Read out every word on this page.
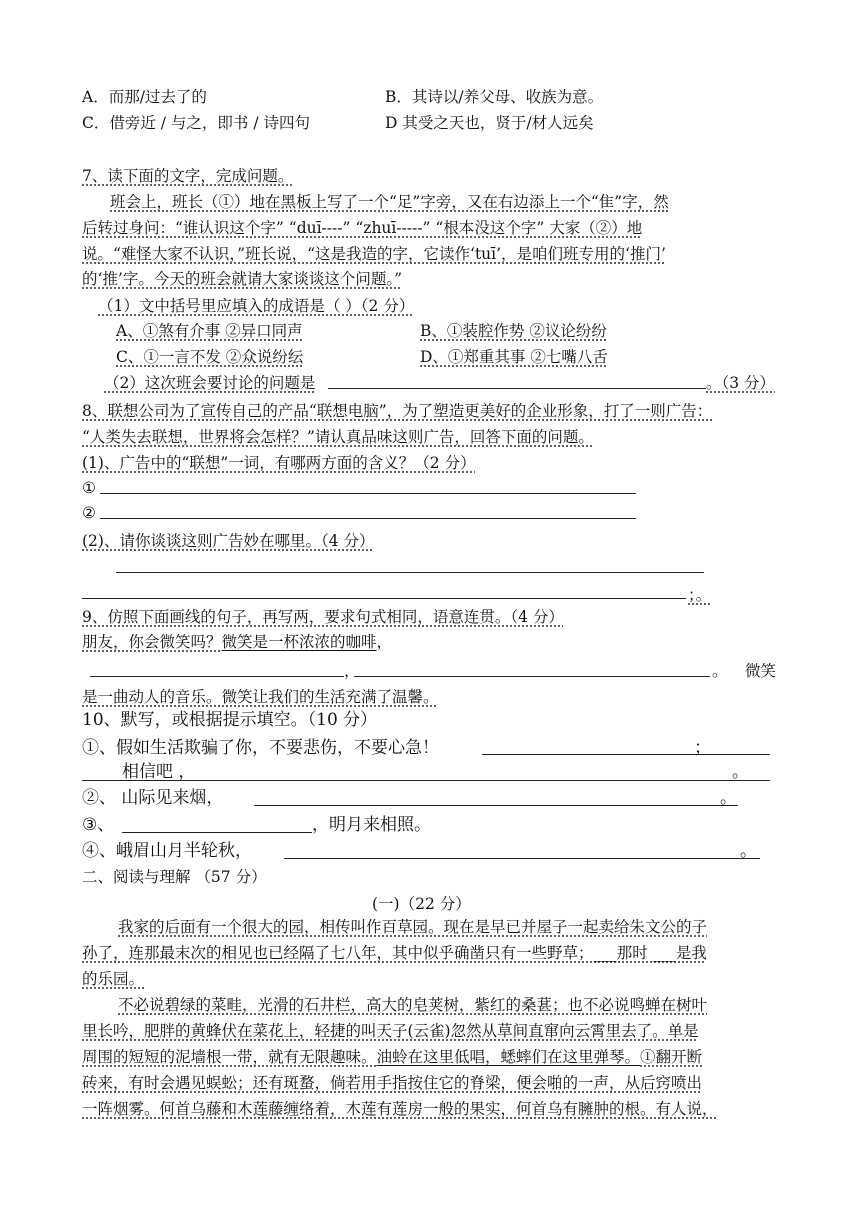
A．而那/过去了的	B．其诗以/养父母、收族为意。
C．借旁近 / 与之，即书 / 诗四句	D 其受之天也，贤于/材人远矣
7、读下面的文字，完成问题。
班会上，班长（①）地在黑板上写了一个“足”字旁，又在右边添上一个“隹”字，然
后转过身问：“谁认识这个字” “duī----” “zhuī-----” “根本没这个字” 大家（②）地
说。“难怪大家不认识，”班长说，“这是我造的字，它读作‘tuī’，是咱们班专用的‘推门’
的‘推’字。今天的班会就请大家谈谈这个问题。”
（1）文中括号里应填入的成语是（ ）（2 分）
A、①煞有介事 ②异口同声	B、①装腔作势 ②议论纷纷
C、①一言不发 ②众说纷纭	D、①郑重其事 ②七嘴八舌
（2）这次班会要讨论的问题是	。（3 分）
8、联想公司为了宣传自己的产品“联想电脑”，为了塑造更美好的企业形象，打了一则广告：
“人类失去联想，世界将会怎样？”请认真品味这则广告，回答下面的问题。
(1)、广告中的“联想”一词，有哪两方面的含义？（2 分）
①
②
(2)、请你谈谈这则广告妙在哪里。（4 分）
；。
9、仿照下面画线的句子，再写两，要求句式相同，语意连贯。（4 分）
朋友，你会微笑吗？微笑是一杯浓浓的咖啡，
，	。 微笑
是一曲动人的音乐。微笑让我们的生活充满了温馨。
10、默写，或根据提示填空。（10 分）
①、假如生活欺骗了你，不要悲伤，不要心急！	；
相信吧 ，	。
②、 山际见来烟，	。
③、	，明月来相照。
④、峨眉山月半轮秋，	。
二、阅读与理解 （57 分）
(一)（22 分）
我家的后面有一个很大的园，相传叫作百草园。现在是早已并屋子一起卖给朱文公的子
孙了，连那最末次的相见也已经隔了七八年，其中似乎确凿只有一些野草；___那时 ___是我
的乐园。
不必说碧绿的菜畦，光滑的石井栏，高大的皂荚树，紫红的桑葚；也不必说鸣蝉在树叶
里长吟，肥胖的黄蜂伏在菜花上，轻捷的叫天子(云雀)忽然从草间直窜向云霄里去了。单是
周围的短短的泥墙根一带，就有无限趣味。油蛉在这里低唱，蟋蟀们在这里弹琴。①翻开断
砖来，有时会遇见蜈蚣；还有斑蝥，倘若用手指按住它的脊梁，便会啪的一声，从后窍喷出
一阵烟雾。何首乌藤和木莲藤缠络着，木莲有莲房一般的果实，何首乌有臃肿的根。有人说，
